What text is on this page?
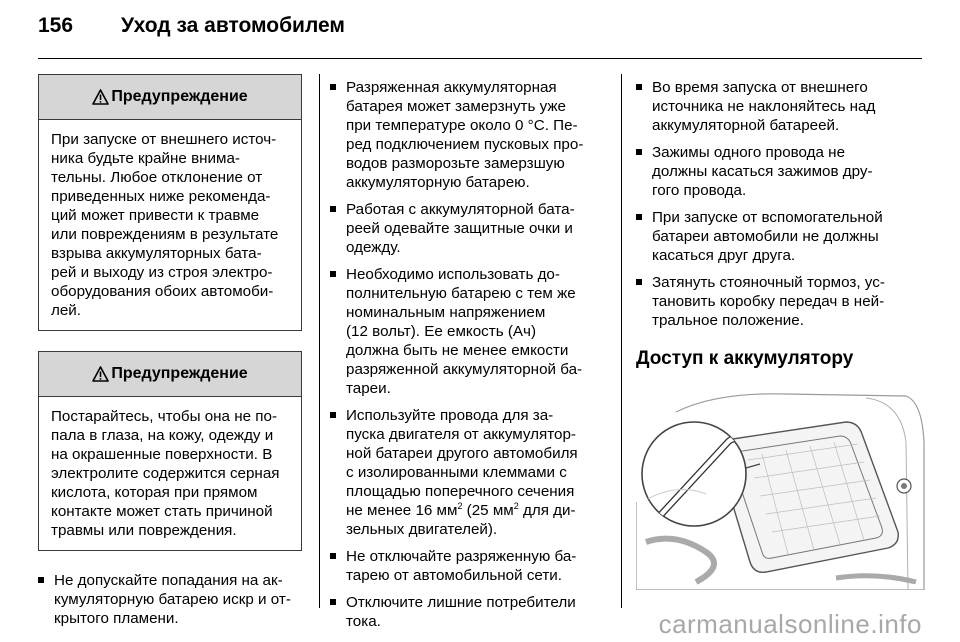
156 Уход за автомобилем
Предупреждение
При запуске от внешнего источ-
ника будьте крайне внима-
тельны. Любое отклонение от
приведенных ниже рекоменда-
ций может привести к травме
или повреждениям в результате
взрыва аккумуляторных бата-
рей и выходу из строя электро-
оборудования обоих автомоби-
лей.
Предупреждение
Постарайтесь, чтобы она не по-
пала в глаза, на кожу, одежду и
на окрашенные поверхности. В
электролите содержится серная
кислота, которая при прямом
контакте может стать причиной
травмы или повреждения.
Не допускайте попадания на ак-
кумуляторную батарею искр и от-
крытого пламени.
Разряженная аккумуляторная
батарея может замерзнуть уже
при температуре около 0 °C. Пе-
ред подключением пусковых про-
водов разморозьте замерзшую
аккумуляторную батарею.
Работая с аккумуляторной бата-
реей одевайте защитные очки и
одежду.
Необходимо использовать до-
полнительную батарею с тем же
номинальным напряжением
(12 вольт). Ее емкость (Ач)
должна быть не менее емкости
разряженной аккумуляторной ба-
тареи.
Используйте провода для за-
пуска двигателя от аккумулятор-
ной батареи другого автомобиля
с изолированными клеммами с
площадью поперечного сечения
не менее 16 $мм^2$ (25 $мм^2$ для ди-
зельных двигателей).
Не отключайте разряженную ба-
тарею от автомобильной сети.
Отключите лишние потребители
тока.
Во время запуска от внешнего
источника не наклоняйтесь над
аккумуляторной батареей.
Зажимы одного провода не
должны касаться зажимов дру-
гого провода.
При запуске от вспомогательной
батареи автомобили не должны
касаться друг друга.
Затянуть стояночный тормоз, ус-
тановить коробку передач в ней-
тральное положение.
Доступ к аккумулятору
carmanualsonline.info
